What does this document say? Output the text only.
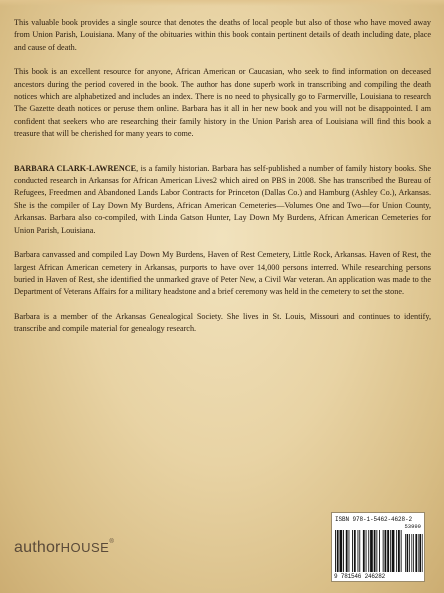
This valuable book provides a single source that denotes the deaths of local people but also of those who have moved away from Union Parish, Louisiana. Many of the obituaries within this book contain pertinent details of death including date, place and cause of death.

This book is an excellent resource for anyone, African American or Caucasian, who seek to find information on deceased ancestors during the period covered in the book. The author has done superb work in transcribing and compiling the death notices which are alphabetized and includes an index. There is no need to physically go to Farmerville, Louisiana to research The Gazette death notices or peruse them online. Barbara has it all in her new book and you will not be disappointed. I am confident that seekers who are researching their family history in the Union Parish area of Louisiana will find this book a treasure that will be cherished for many years to come.

BARBARA CLARK-LAWRENCE, is a family historian. Barbara has self-published a number of family history books. She conducted research in Arkansas for African American Lives2 which aired on PBS in 2008. She has transcribed the Bureau of Refugees, Freedmen and Abandoned Lands Labor Contracts for Princeton (Dallas Co.) and Hamburg (Ashley Co.), Arkansas. She is the compiler of Lay Down My Burdens, African American Cemeteries—Volumes One and Two—for Union County, Arkansas. Barbara also co-compiled, with Linda Gatson Hunter, Lay Down My Burdens, African American Cemeteries for Union Parish, Louisiana.

Barbara canvassed and compiled Lay Down My Burdens, Haven of Rest Cemetery, Little Rock, Arkansas. Haven of Rest, the largest African American cemetery in Arkansas, purports to have over 14,000 persons interred. While researching persons buried in Haven of Rest, she identified the unmarked grave of Peter New, a Civil War veteran. An application was made to the Department of Veterans Affairs for a military headstone and a brief ceremony was held in the cemetery to set the stone.

Barbara is a member of the Arkansas Genealogical Society. She lives in St. Louis, Missouri and continues to identify, transcribe and compile material for genealogy research.

authorHOUSE®
ISBN 978-1-5462-4628-2
53999
9 781546 246282
